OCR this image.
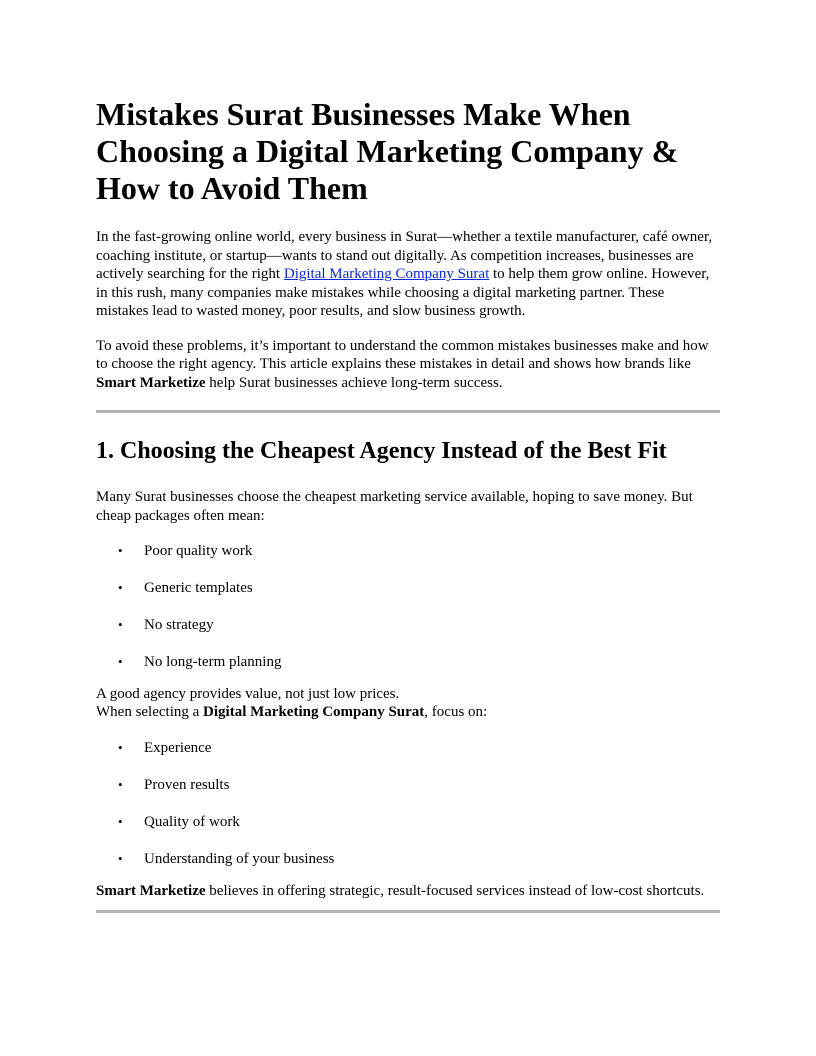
Mistakes Surat Businesses Make When Choosing a Digital Marketing Company & How to Avoid Them

In the fast-growing online world, every business in Surat—whether a textile manufacturer, café owner, coaching institute, or startup—wants to stand out digitally. As competition increases, businesses are actively searching for the right Digital Marketing Company Surat to help them grow online. However, in this rush, many companies make mistakes while choosing a digital marketing partner. These mistakes lead to wasted money, poor results, and slow business growth.

To avoid these problems, it’s important to understand the common mistakes businesses make and how to choose the right agency. This article explains these mistakes in detail and shows how brands like Smart Marketize help Surat businesses achieve long-term success.

1. Choosing the Cheapest Agency Instead of the Best Fit

Many Surat businesses choose the cheapest marketing service available, hoping to save money. But cheap packages often mean:

• Poor quality work
• Generic templates
• No strategy
• No long-term planning

A good agency provides value, not just low prices.
When selecting a Digital Marketing Company Surat, focus on:

• Experience
• Proven results
• Quality of work
• Understanding of your business

Smart Marketize believes in offering strategic, result-focused services instead of low-cost shortcuts.
